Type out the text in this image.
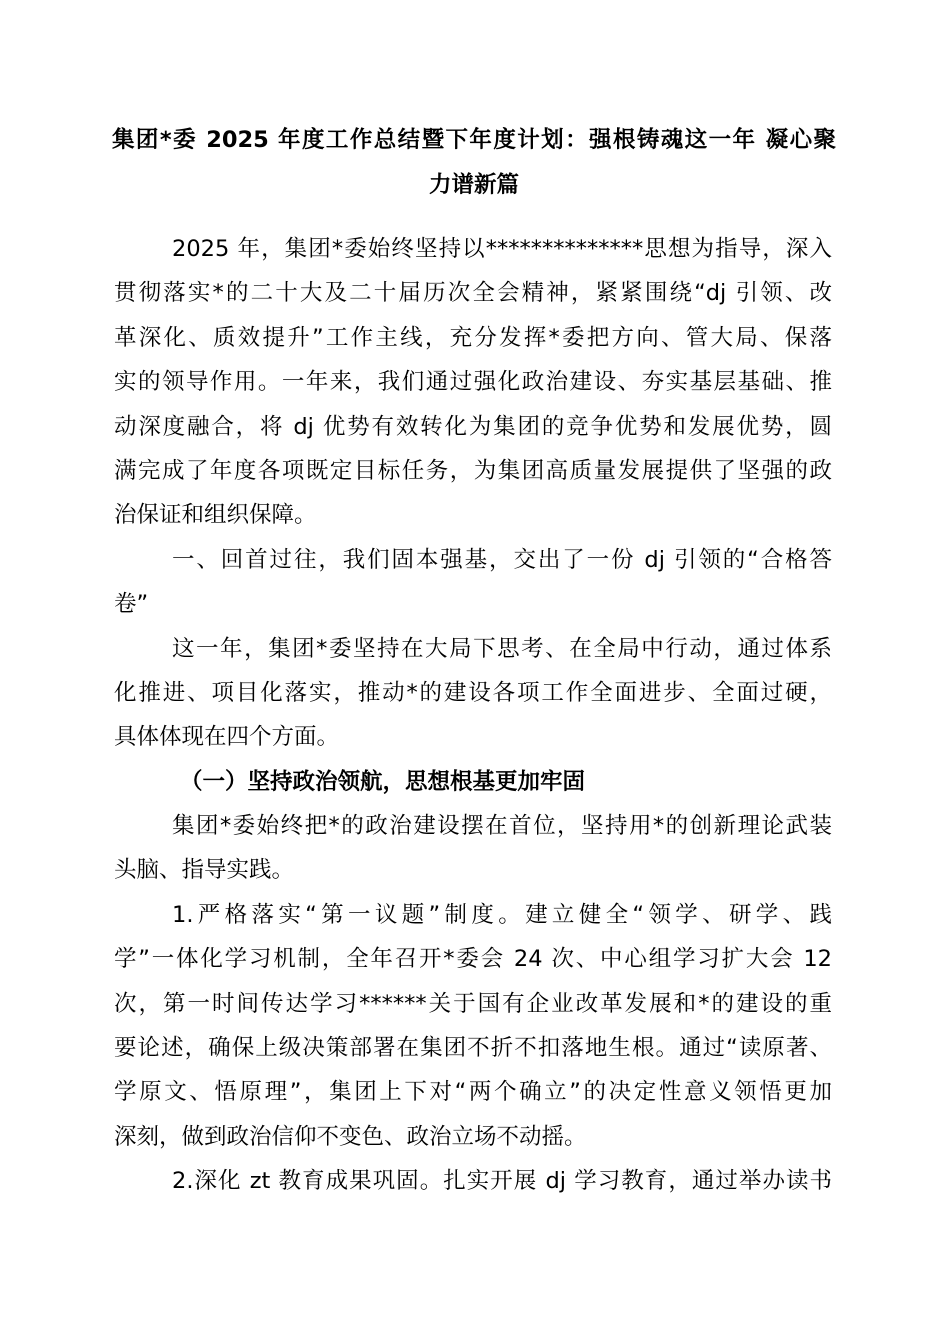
集团*委 2025 年度工作总结暨下年度计划：强根铸魂这一年 凝心聚
力谱新篇
2025 年，集团*委始终坚持以**************思想为指导，深入
贯彻落实*的二十大及二十届历次全会精神，紧紧围绕“dj 引领、改
革深化、质效提升”工作主线，充分发挥*委把方向、管大局、保落
实的领导作用。一年来，我们通过强化政治建设、夯实基层基础、推
动深度融合，将 dj 优势有效转化为集团的竞争优势和发展优势，圆
满完成了年度各项既定目标任务，为集团高质量发展提供了坚强的政
治保证和组织保障。
一、回首过往，我们固本强基，交出了一份 dj 引领的“合格答
卷”
这一年，集团*委坚持在大局下思考、在全局中行动，通过体系
化推进、项目化落实，推动*的建设各项工作全面进步、全面过硬，
具体体现在四个方面。
（一）坚持政治领航，思想根基更加牢固
集团*委始终把*的政治建设摆在首位，坚持用*的创新理论武装
头脑、指导实践。
1.严格落实“第一议题”制度。建立健全“领学、研学、践
学”一体化学习机制，全年召开*委会 24 次、中心组学习扩大会 12
次，第一时间传达学习******关于国有企业改革发展和*的建设的重
要论述，确保上级决策部署在集团不折不扣落地生根。通过“读原著、
学原文、悟原理”，集团上下对“两个确立”的决定性意义领悟更加
深刻，做到政治信仰不变色、政治立场不动摇。
2.深化 zt 教育成果巩固。扎实开展 dj 学习教育，通过举办读书
